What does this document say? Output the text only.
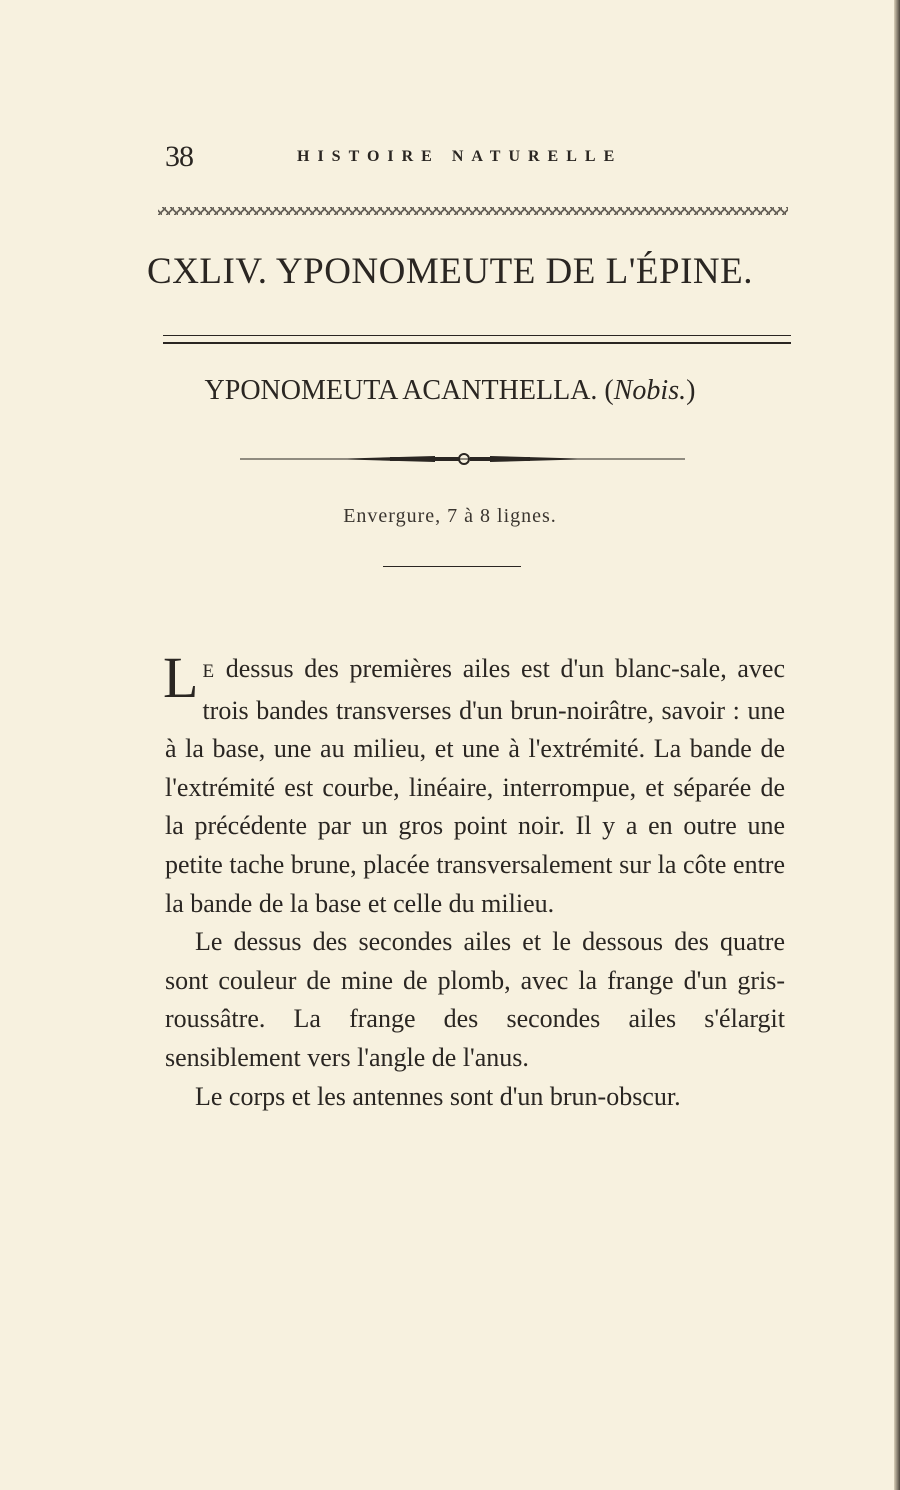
38	HISTOIRE NATURELLE
CXLIV. YPONOMEUTE DE L'ÉPINE.
YPONOMEUTA ACANTHELLA. (Nobis.)
Envergure, 7 à 8 lignes.

L E dessus des premières ailes est d'un blanc-sale, avec trois bandes transverses d'un brun-noirâtre, savoir : une à la base, une au milieu, et une à l'extrémité. La bande de l'extrémité est courbe, linéaire, interrompue, et séparée de la précédente par un gros point noir. Il y a en outre une petite tache brune, placée transversalement sur la côte entre la bande de la base et celle du milieu.

Le dessus des secondes ailes et le dessous des quatre sont couleur de mine de plomb, avec la frange d'un gris-roussâtre. La frange des secondes ailes s'élargit sensiblement vers l'angle de l'anus.

Le corps et les antennes sont d'un brun-obscur.
